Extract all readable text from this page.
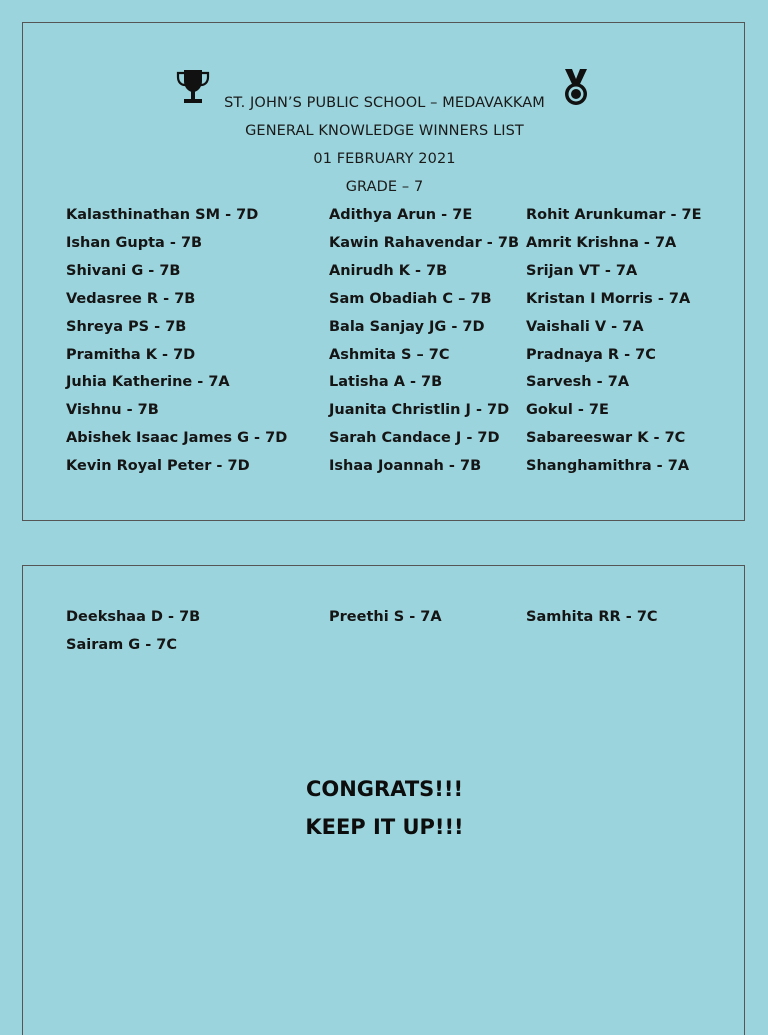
ST. JOHN’S PUBLIC SCHOOL – MEDAVAKKAM
GENERAL KNOWLEDGE WINNERS LIST
01 FEBRUARY 2021
GRADE – 7
Kalasthinathan SM - 7D
Ishan Gupta - 7B
Shivani G - 7B
Vedasree R - 7B
Shreya PS - 7B
Pramitha K - 7D
Juhia Katherine - 7A
Vishnu - 7B
Abishek Isaac James G - 7D
Kevin Royal Peter - 7D
Adithya Arun - 7E
Kawin Rahavendar - 7B
Anirudh K - 7B
Sam Obadiah C – 7B
Bala Sanjay JG - 7D
Ashmita S – 7C
Latisha A - 7B
Juanita Christlin J - 7D
Sarah Candace J - 7D
Ishaa Joannah - 7B
Rohit Arunkumar - 7E
Amrit Krishna - 7A
Srijan VT - 7A
Kristan I Morris - 7A
Vaishali V - 7A
Pradnaya R - 7C
Sarvesh - 7A
Gokul - 7E
Sabareeswar K - 7C
Shanghamithra - 7A
Deekshaa D - 7B
Sairam G - 7C
Preethi S - 7A	Samhita RR - 7C
CONGRATS!!!
KEEP IT UP!!!
